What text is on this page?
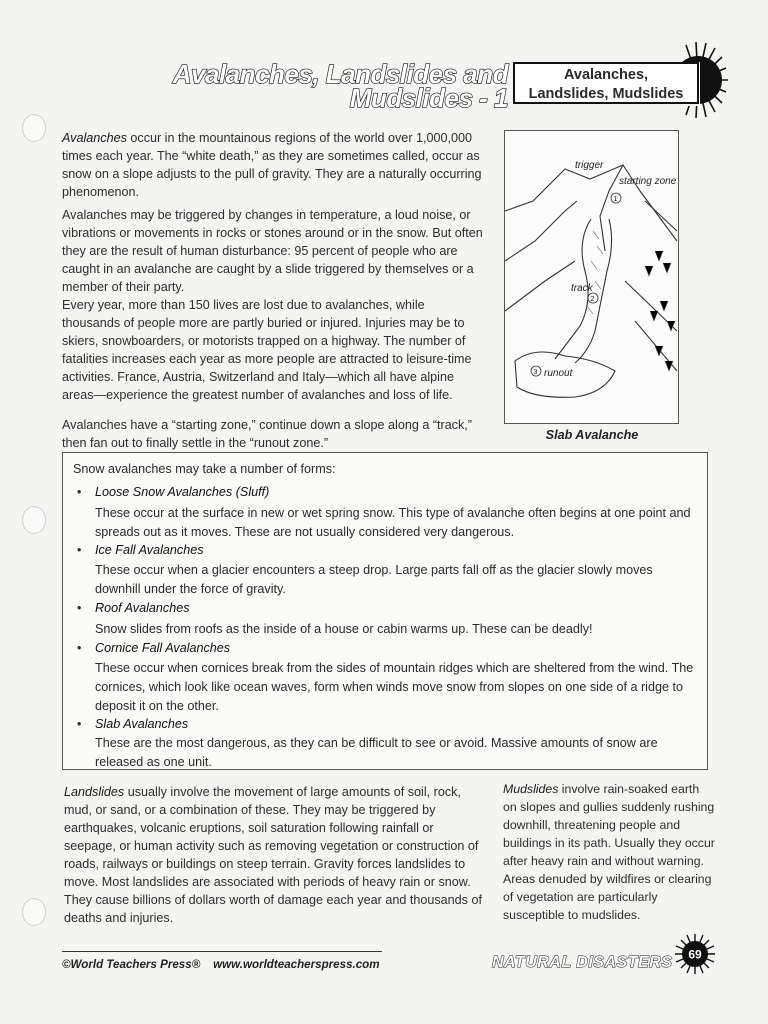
Avalanches, Landslides and
Mudslides - 1
Avalanches,
Landslides, Mudslides

Avalanches occur in the mountainous regions of the world over 1,000,000 times each year. The “white death,” as they are sometimes called, occur as snow on a slope adjusts to the pull of gravity. They are a naturally occurring phenomenon.

Avalanches may be triggered by changes in temperature, a loud noise, or vibrations or movements in rocks or stones around or in the snow. But often they are the result of human disturbance: 95 percent of people who are caught in an avalanche are caught by a slide triggered by themselves or a member of their party.

Every year, more than 150 lives are lost due to avalanches, while thousands of people more are partly buried or injured. Injuries may be to skiers, snowboarders, or motorists trapped on a highway. The number of fatalities increases each year as more people are attracted to leisure-time activities. France, Austria, Switzerland and Italy—which all have alpine areas—experience the greatest number of avalanches and loss of life.

Avalanches have a “starting zone,” continue down a slope along a “track,” then fan out to finally settle in the “runout zone.”

trigger
starting zone
1
track
2
3 runout
Slab Avalanche
Snow avalanches may take a number of forms:
• Loose Snow Avalanches (Sluff)

These occur at the surface in new or wet spring snow. This type of avalanche often begins at one point and spreads out as it moves. These are not usually considered very dangerous.

• Ice Fall Avalanches

These occur when a glacier encounters a steep drop. Large parts fall off as the glacier slowly moves downhill under the force of gravity.

• Roof Avalanches

Snow slides from roofs as the inside of a house or cabin warms up. These can be deadly!

• Cornice Fall Avalanches

These occur when cornices break from the sides of mountain ridges which are sheltered from the wind. The cornices, which look like ocean waves, form when winds move snow from slopes on one side of a ridge to deposit it on the other.

• Slab Avalanches

These are the most dangerous, as they can be difficult to see or avoid. Massive amounts of snow are released as one unit.

Landslides usually involve the movement of large amounts of soil, rock, mud, or sand, or a combination of these. They may be triggered by earthquakes, volcanic eruptions, soil saturation following rainfall or seepage, or human activity such as removing vegetation or construction of roads, railways or buildings on steep terrain. Gravity forces landslides to move. Most landslides are associated with periods of heavy rain or snow. They cause billions of dollars worth of damage each year and thousands of deaths and injuries.

Mudslides involve rain-soaked earth on slopes and gullies suddenly rushing downhill, threatening people and buildings in its path. Usually they occur after heavy rain and without warning. Areas denuded by wildfires or clearing of vegetation are particularly susceptible to mudslides.

©World Teachers Press® www.worldteacherspress.com	NATURAL DISASTERS 69
